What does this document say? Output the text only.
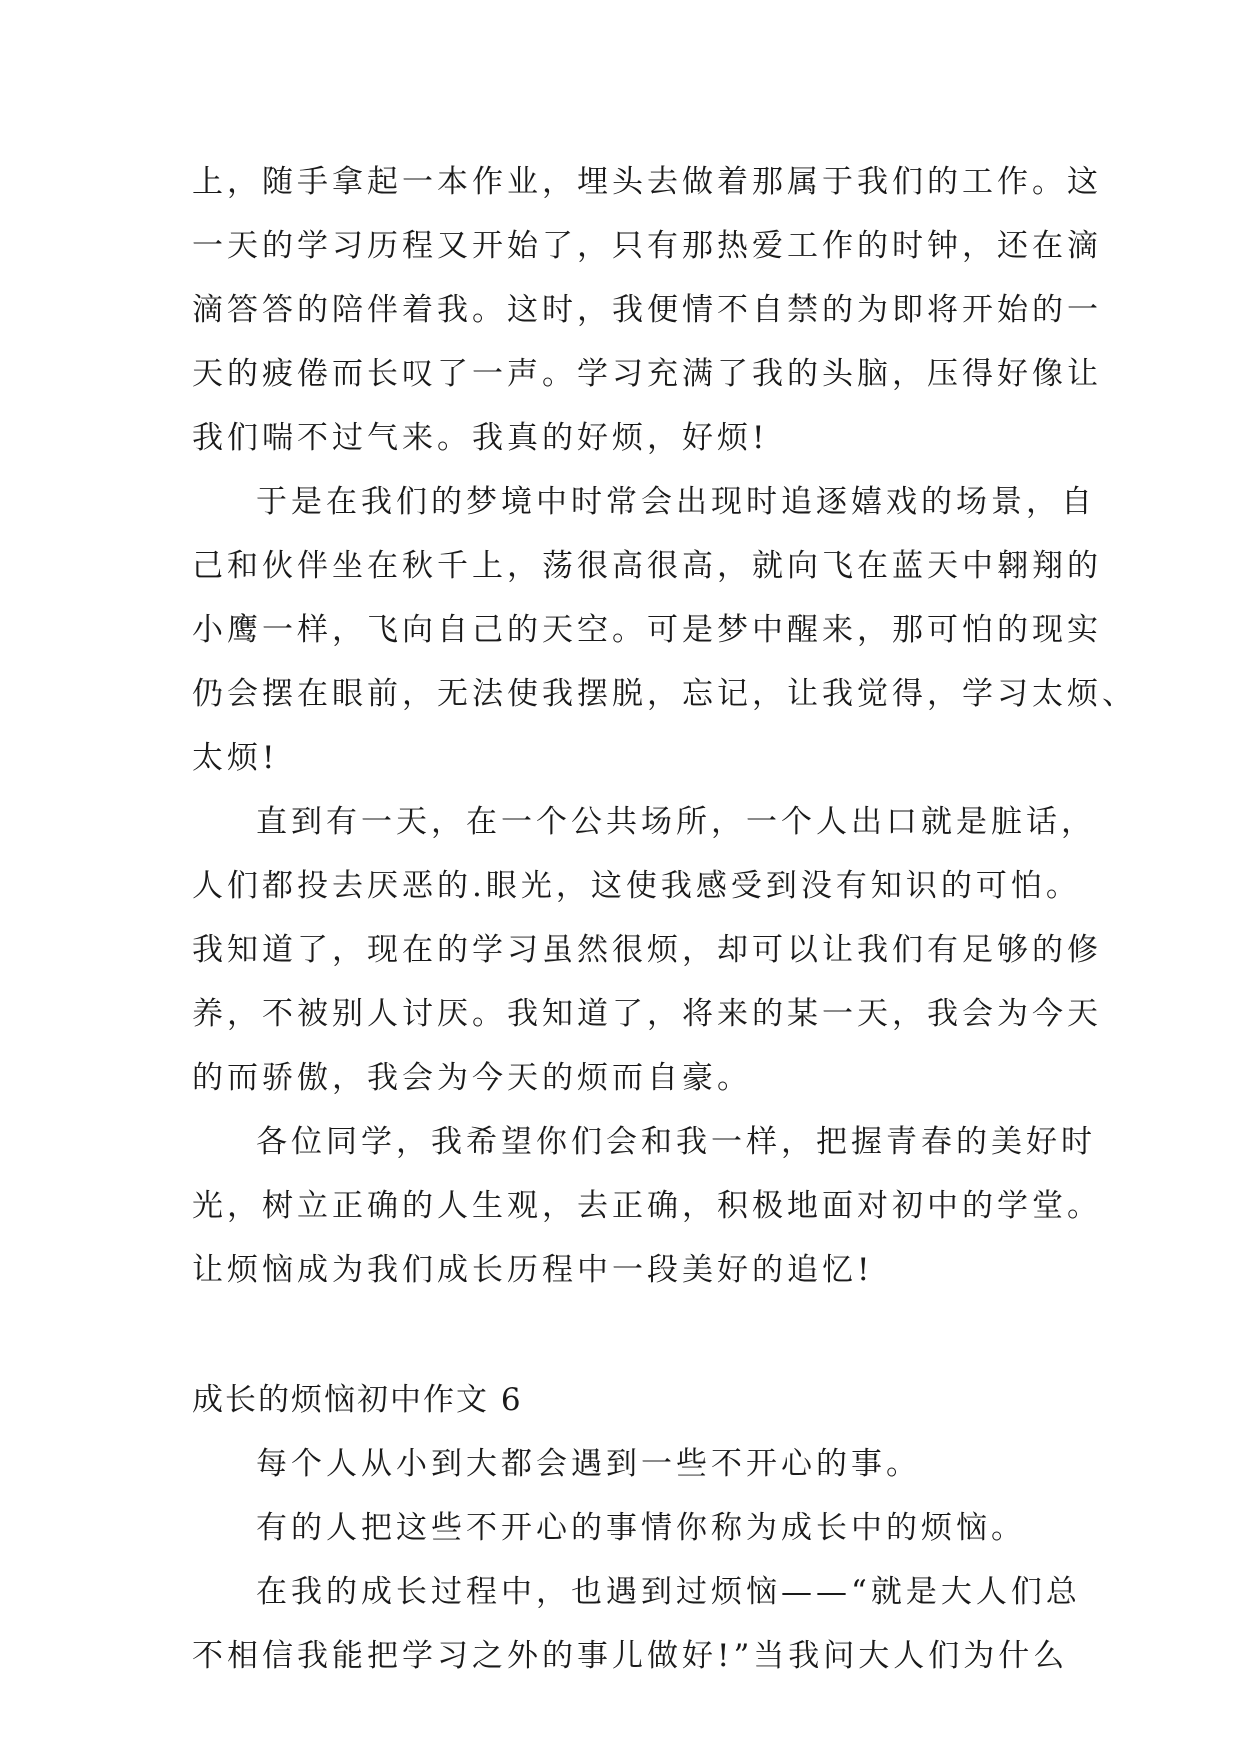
上，随手拿起一本作业，埋头去做着那属于我们的工作。这
一天的学习历程又开始了，只有那热爱工作的时钟，还在滴
滴答答的陪伴着我。这时，我便情不自禁的为即将开始的一
天的疲倦而长叹了一声。学习充满了我的头脑，压得好像让
我们喘不过气来。我真的好烦，好烦!
于是在我们的梦境中时常会出现时追逐嬉戏的场景，自
己和伙伴坐在秋千上，荡很高很高，就向飞在蓝天中翱翔的
小鹰一样，飞向自己的天空。可是梦中醒来，那可怕的现实
仍会摆在眼前，无法使我摆脱，忘记，让我觉得，学习太烦、
太烦!
直到有一天，在一个公共场所，一个人出口就是脏话，
人们都投去厌恶的.眼光，这使我感受到没有知识的可怕。
我知道了，现在的学习虽然很烦，却可以让我们有足够的修
养，不被别人讨厌。我知道了，将来的某一天，我会为今天
的而骄傲，我会为今天的烦而自豪。
各位同学，我希望你们会和我一样，把握青春的美好时
光，树立正确的人生观，去正确，积极地面对初中的学堂。
让烦恼成为我们成长历程中一段美好的追忆!
成长的烦恼初中作文 6
每个人从小到大都会遇到一些不开心的事。
有的人把这些不开心的事情你称为成长中的烦恼。
在我的成长过程中，也遇到过烦恼——“就是大人们总
不相信我能把学习之外的事儿做好!”当我问大人们为什么
